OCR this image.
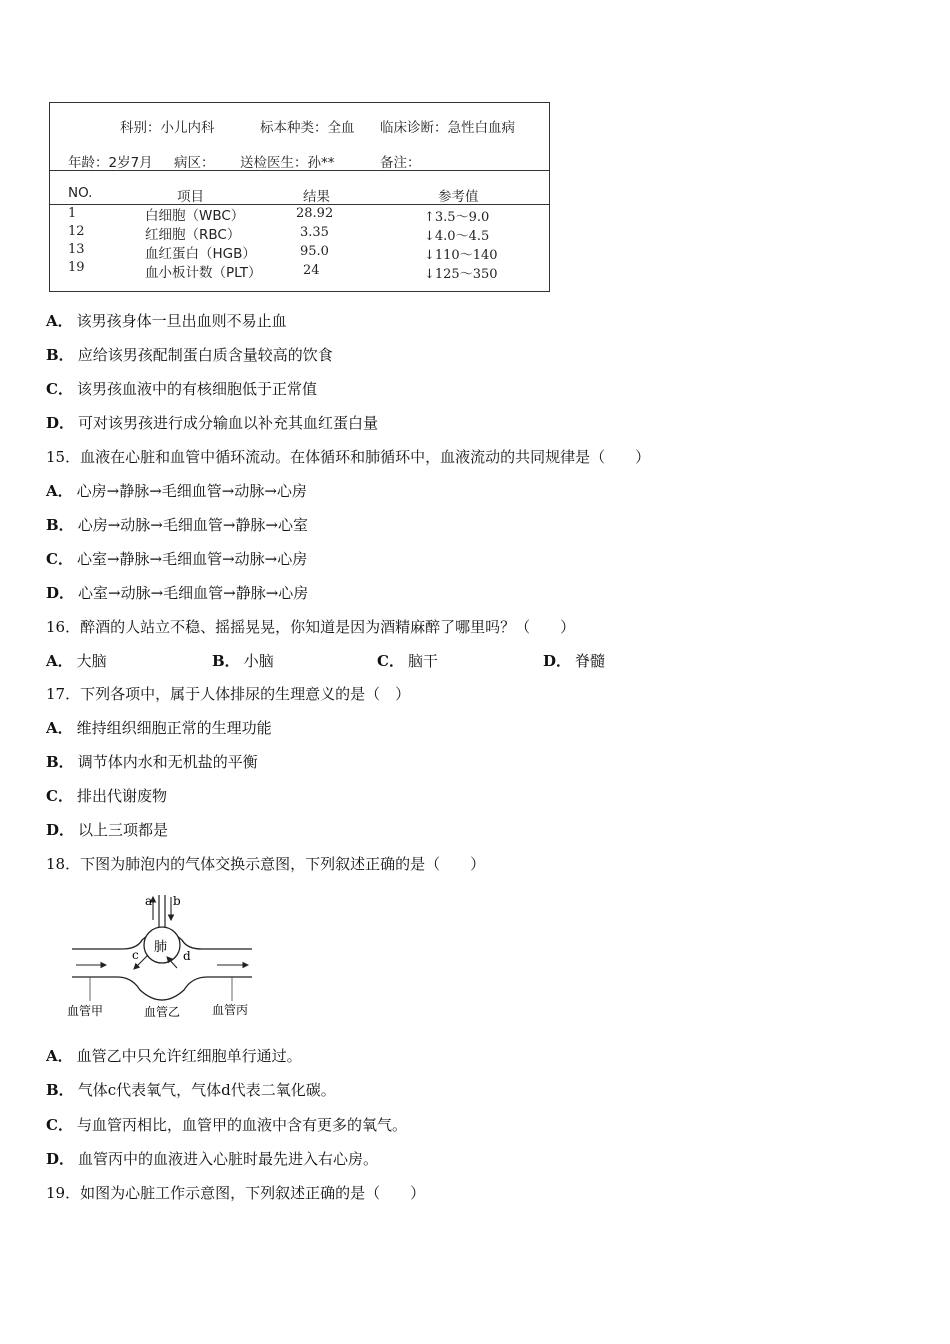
科别：小儿内科	标本种类：全血 临床诊断：急性白血病
年龄：2岁7月 病区： 送检医生：孙**	备注：
NO.	项目	结果	参考值
1	白细胞（WBC）	28.92	↑3.5～9.0
12	红细胞（RBC）	3.35	↓4.0～4.5
13	血红蛋白（HGB）	95.0	↓110～140
19	血小板计数（PLT）	24	↓125～350
A． 该男孩身体一旦出血则不易止血
B． 应给该男孩配制蛋白质含量较高的饮食
C． 该男孩血液中的有核细胞低于正常值
D． 可对该男孩进行成分输血以补充其血红蛋白量
15．血液在心脏和血管中循环流动。在体循环和肺循环中，血液流动的共同规律是（　　）
A． 心房→静脉→毛细血管→动脉→心房
B． 心房→动脉→毛细血管→静脉→心室
C． 心室→静脉→毛细血管→动脉→心房
D． 心室→动脉→毛细血管→静脉→心房
16．醉酒的人站立不稳、摇摇晃晃，你知道是因为酒精麻醉了哪里吗？（　　）
A． 大脑	B． 小脑	C． 脑干	D． 脊髓
17．下列各项中，属于人体排尿的生理意义的是（　）
A． 维持组织细胞正常的生理功能
B． 调节体内水和无机盐的平衡
C． 排出代谢废物
D． 以上三项都是
18．下图为肺泡内的气体交换示意图，下列叙述正确的是（　　）
肺
a b
c	d
血管甲	血管乙	血管丙
A． 血管乙中只允许红细胞单行通过。
B． 气体c代表氧气，气体d代表二氧化碳。
C． 与血管丙相比，血管甲的血液中含有更多的氧气。
D． 血管丙中的血液进入心脏时最先进入右心房。
19．如图为心脏工作示意图，下列叙述正确的是（　　）
